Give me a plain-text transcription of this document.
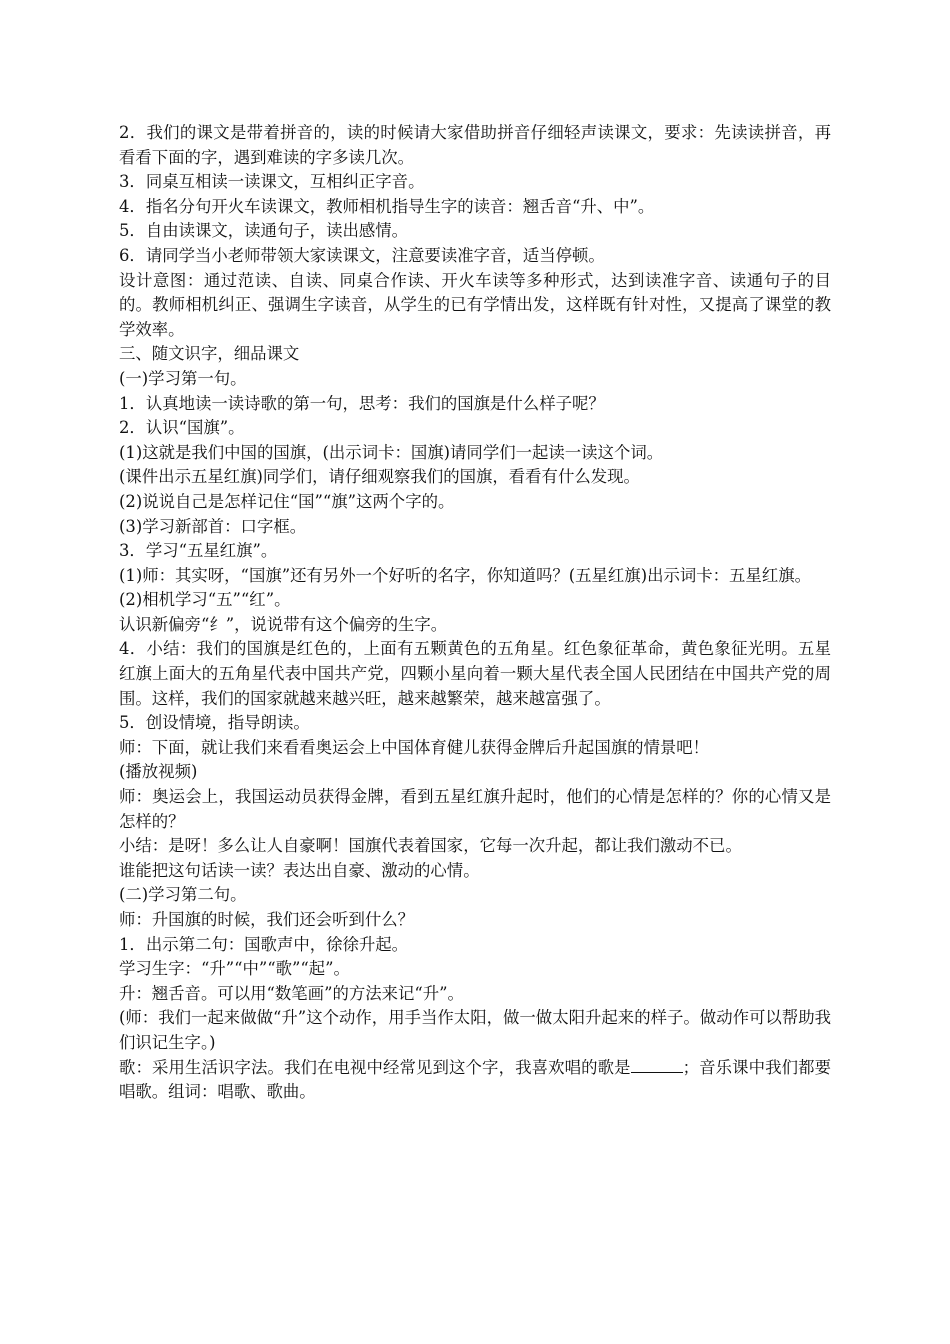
2．我们的课文是带着拼音的，读的时候请大家借助拼音仔细轻声读课文，要求：先读读拼音，再看看下面的字，遇到难读的字多读几次。

3．同桌互相读一读课文，互相纠正字音。

4．指名分句开火车读课文，教师相机指导生字的读音：翘舌音“升、中”。

5．自由读课文，读通句子，读出感情。

6．请同学当小老师带领大家读课文，注意要读准字音，适当停顿。

设计意图：通过范读、自读、同桌合作读、开火车读等多种形式，达到读准字音、读通句子的目的。教师相机纠正、强调生字读音，从学生的已有学情出发，这样既有针对性，又提高了课堂的教学效率。

三、随文识字，细品课文

(一)学习第一句。

1．认真地读一读诗歌的第一句，思考：我们的国旗是什么样子呢？

2．认识“国旗”。

(1)这就是我们中国的国旗，(出示词卡：国旗)请同学们一起读一读这个词。

(课件出示五星红旗)同学们，请仔细观察我们的国旗，看看有什么发现。

(2)说说自己是怎样记住“国”“旗”这两个字的。

(3)学习新部首：口字框。

3．学习“五星红旗”。

(1)师：其实呀，“国旗”还有另外一个好听的名字，你知道吗？(五星红旗)出示词卡：五星红旗。

(2)相机学习“五”“红”。

认识新偏旁“纟”，说说带有这个偏旁的生字。

4．小结：我们的国旗是红色的，上面有五颗黄色的五角星。红色象征革命，黄色象征光明。五星红旗上面大的五角星代表中国共产党，四颗小星向着一颗大星代表全国人民团结在中国共产党的周围。这样，我们的国家就越来越兴旺，越来越繁荣，越来越富强了。

5．创设情境，指导朗读。

师：下面，就让我们来看看奥运会上中国体育健儿获得金牌后升起国旗的情景吧！

(播放视频)

师：奥运会上，我国运动员获得金牌，看到五星红旗升起时，他们的心情是怎样的？你的心情又是怎样的？

小结：是呀！多么让人自豪啊！国旗代表着国家，它每一次升起，都让我们激动不已。

谁能把这句话读一读？表达出自豪、激动的心情。

(二)学习第二句。

师：升国旗的时候，我们还会听到什么？

1．出示第二句：国歌声中，徐徐升起。

学习生字：“升”“中”“歌”“起”。

升：翘舌音。可以用“数笔画”的方法来记“升”。

(师：我们一起来做做“升”这个动作，用手当作太阳，做一做太阳升起来的样子。做动作可以帮助我们识记生字。)

歌：采用生活识字法。我们在电视中经常见到这个字，我喜欢唱的歌是	；音乐课中我们都要唱歌。组词：唱歌、歌曲。
